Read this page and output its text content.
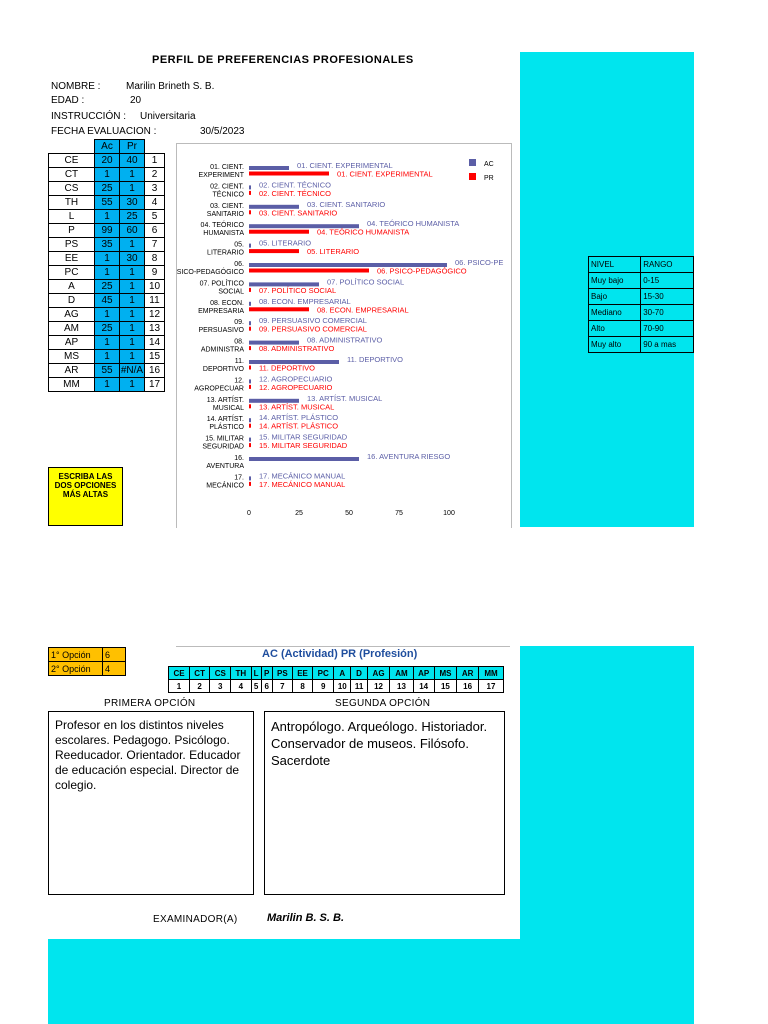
PERFIL DE PREFERENCIAS PROFESIONALES
NOMBRE :	Marilin Brineth S. B.
EDAD :	20
INSTRUCCIÓN : Universitaria
FECHA EVALUACION :	30/5/2023
	Ac	Pr	
CE	20	40	1
CT	1	1	2
CS	25	1	3
TH	55	30	4
L	1	25	5
P	99	60	6
PS	35	1	7
EE	1	30	8
PC	1	1	9
A	25	1	10
D	45	1	11
AG	1	1	12
AM	25	1	13
AP	1	1	14
MS	1	1	15
AR	55	#N/A	16
MM	1	1	17
ESCRIBA LAS DOS OPCIONES MÁS ALTAS
01. CIENT. EXPERIMENT
02. CIENT. TÉCNICO
03. CIENT. SANITARIO
04. TEÓRICO HUMANISTA
05. LITERARIO
06. PSICO-PEDAGÓGICO
07. POLÍTICO SOCIAL
08. ECON. EMPRESARIA
09. PERSUASIVO
08. ADMINISTRA
11. DEPORTIVO
12. AGROPECUAR
13. ARTÍST. MUSICAL
14. ARTÍST. PLÁSTICO
15. MILITAR SEGURIDAD
16. AVENTURA
17. MECÁNICO
01. CIENT. EXPERIMENTAL
02. CIENT. TÉCNICO
03. CIENT. SANITARIO
04. TEÓRICO HUMANISTA
05. LITERARIO
06. PSICO-PE
07. POLÍTICO SOCIAL
08. ECON. EMPRESARIAL
09. PERSUASIVO COMERCIAL
08. ADMINISTRATIVO
11. DEPORTIVO
12. AGROPECUARIO
13. ARTÍST. MUSICAL
14. ARTÍST. PLÁSTICO
15. MILITAR SEGURIDAD
16. AVENTURA RIESGO
17. MECÁNICO MANUAL
01. CIENT. EXPERIMENTAL
02. CIENT. TÉCNICO
03. CIENT. SANITARIO
04. TEÓRICO HUMANISTA
05. LITERARIO
06. PSICO-PEDAGÓGICO
07. POLÍTICO SOCIAL
08. ECON. EMPRESARIAL
09. PERSUASIVO COMERCIAL
08. ADMINISTRATIVO
11. DEPORTIVO
12. AGROPECUARIO
13. ARTÍST. MUSICAL
14. ARTÍST. PLÁSTICO
15. MILITAR SEGURIDAD
17. MECÁNICO MANUAL
0	25	50	75	100
AC
PR
NIVEL	RANGO
Muy bajo	0-15
Bajo	15-30
Mediano	30-70
Alto	70-90
Muy alto	90 a mas
1° Opción	6
2° Opción	4
AC (Actividad) PR (Profesión)
CE	CT	CS	TH	L	P	PS	EE	PC	A	D	AG	AM	AP	MS	AR	MM
1	2	3	4	5	6	7	8	9	10	11	12	13	14	15	16	17
PRIMERA OPCIÓN	SEGUNDA OPCIÓN
Profesor en los distintos niveles escolares. Pedagogo. Psicólogo. Reeducador. Orientador. Educador de educación especial. Director de colegio.
Antropólogo. Arqueólogo. Historiador. Conservador de museos. Filósofo. Sacerdote
EXAMINADOR(A)	Marilin B. S. B.
